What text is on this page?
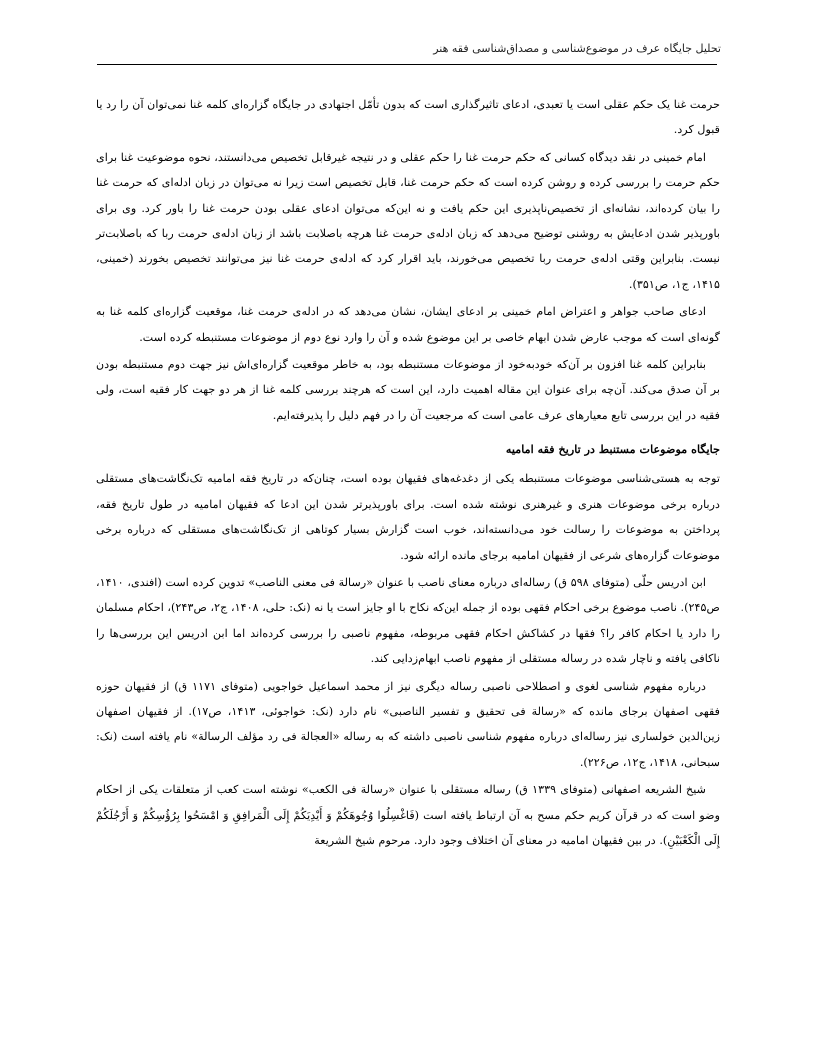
تحلیل جایگاه عرف در موضوع‌شناسی و مصداق‌شناسی فقه هنر

حرمت غنا یک حکم عقلی است یا تعبدی، ادعای تاثیرگذاری است که بدون تأمّل اجتهادی در جایگاه گزاره‌ای کلمه غنا نمی‌توان آن را رد یا قبول کرد.

امام خمینی در نقد دیدگاه کسانی که حکم حرمت غنا را حکم عقلی و در نتیجه غیرقابل تخصیص می‌دانستند، نحوه موضوعیت غنا برای حکم حرمت را بررسی کرده و روشن کرده است که حکم حرمت غنا، قابل تخصیص است زیرا نه می‌توان در زبان ادله‌ای که حرمت غنا را بیان کرده‌اند، نشانه‌ای از تخصیص‌ناپذیری این حکم یافت و نه این‌که می‌توان ادعای عقلی بودن حرمت غنا را باور کرد. وی برای باورپذیر شدن ادعایش به روشنی توضیح می‌دهد که زبان ادله‌ی حرمت غنا هرچه باصلابت باشد از زبان ادله‌ی حرمت ربا که باصلابت‌تر نیست. بنابراین وقتی ادله‌ی حرمت ربا تخصیص می‌خورند، باید اقرار کرد که ادله‌ی حرمت غنا نیز می‌توانند تخصیص بخورند (خمینی، ۱۴۱۵، ج۱، ص۳۵۱).

ادعای صاحب جواهر و اعتراض امام خمینی بر ادعای ایشان، نشان می‌دهد که در ادله‌ی حرمت غنا، موقعیت گزاره‌ای کلمه غنا به گونه‌ای است که موجب عارض شدن ابهام خاصی بر این موضوع شده و آن را وارد نوع دوم از موضوعات مستنبطه کرده است.

بنابراین کلمه غنا افزون بر آن‌که خودبه‌خود از موضوعات مستنبطه بود، به خاطر موقعیت گزاره‌ای‌اش نیز جهت دوم مستنبطه بودن بر آن صدق می‌کند. آن‌چه برای عنوان این مقاله اهمیت دارد، این است که هرچند بررسی کلمه غنا از هر دو جهت کار فقیه است، ولی فقیه در این بررسی تابع معیارهای عرف عامی است که مرجعیت آن را در فهم دلیل را پذیرفته‌ایم.

جایگاه موضوعات مستنبط در تاریخ فقه امامیه

توجه به هستی‌شناسی موضوعات مستنبطه یکی از دغدغه‌های فقیهان بوده است، چنان‌که در تاریخ فقه امامیه تک‌نگاشت‌های مستقلی درباره برخی موضوعات هنری و غیرهنری نوشته شده است. برای باورپذیرتر شدن این ادعا که فقیهان امامیه در طول تاریخ فقه، پرداختن به موضوعات را رسالت خود می‌دانسته‌اند، خوب است گزارش بسیار کوتاهی از تک‌نگاشت‌های مستقلی که درباره برخی موضوعات گزاره‌های شرعی از فقیهان امامیه برجای مانده ارائه شود.

ابن ادریس حلّی (متوفای ۵۹۸ ق) رساله‌ای درباره معنای ناصب با عنوان «رسالة فی معنی الناصب» تدوین کرده است (افندی، ۱۴۱۰، ص۲۴۵). ناصب موضوع برخی احکام فقهی بوده از جمله این‌که نکاح با او جایز است یا نه (نک: حلی، ۱۴۰۸، ج۲، ص۲۴۳)، احکام مسلمان را دارد یا احکام کافر را؟ فقها در کشاکش احکام فقهی مربوطه، مفهوم ناصبی را بررسی کرده‌اند اما ابن ادریس این بررسی‌ها را ناکافی یافته و ناچار شده در رساله مستقلی از مفهوم ناصب ابهام‌زدایی کند.

درباره مفهوم شناسی لغوی و اصطلاحی ناصبی رساله دیگری نیز از محمد اسماعیل خواجویی (متوفای ۱۱۷۱ ق) از فقیهان حوزه فقهی اصفهان برجای مانده که «رسالة فی تحقیق و تفسیر الناصبی» نام دارد (نک: خواجوئی، ۱۴۱۳، ص۱۷). از فقیهان اصفهان زین‌الدین خولساری نیز رساله‌ای درباره مفهوم شناسی ناصبی داشته که به رساله «العجالة فی رد مؤلف الرسالة» نام یافته است (نک: سبحانی، ۱۴۱۸، ج۱۲، ص۲۲۶).

شیخ الشریعه اصفهانی (متوفای ۱۳۳۹ ق) رساله مستقلی با عنوان «رسالة فی الکعب» نوشته است کعب از متعلقات یکی از احکام وضو است که در قرآن کریم حکم مسح به آن ارتباط یافته است (فَاغْسِلُوا وُجُوهَكُمْ وَ أَيْدِيَكُمْ إِلَى الْمَرافِقِ وَ امْسَحُوا بِرُؤُسِكُمْ وَ أَرْجُلَكُمْ إِلَى الْكَعْبَيْنِ). در بین فقیهان امامیه در معنای آن اختلاف وجود دارد. مرحوم شیخ الشریعة
